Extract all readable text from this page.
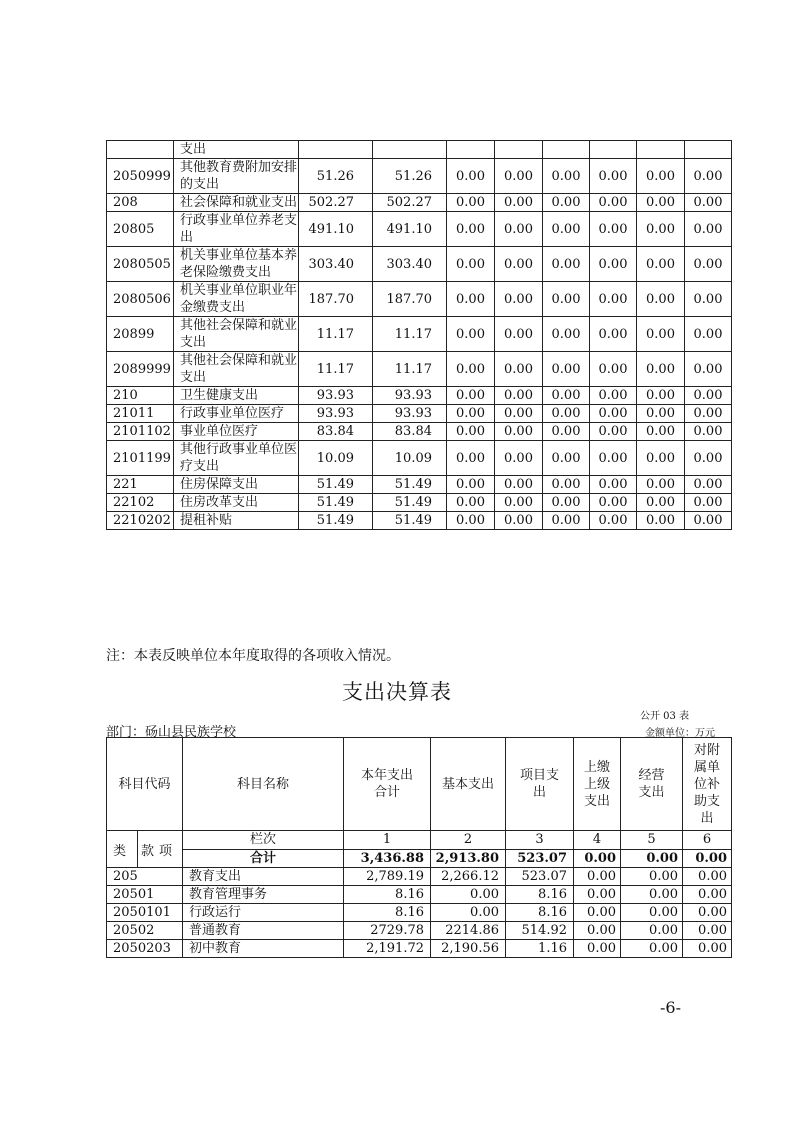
	支出								
2050999	其他教育费附加安排的支出	51.26	51.26	0.00	0.00	0.00	0.00	0.00	0.00
208	社会保障和就业支出	502.27	502.27	0.00	0.00	0.00	0.00	0.00	0.00
20805	行政事业单位养老支出	491.10	491.10	0.00	0.00	0.00	0.00	0.00	0.00
2080505	机关事业单位基本养老保险缴费支出	303.40	303.40	0.00	0.00	0.00	0.00	0.00	0.00
2080506	机关事业单位职业年金缴费支出	187.70	187.70	0.00	0.00	0.00	0.00	0.00	0.00
20899	其他社会保障和就业支出	11.17	11.17	0.00	0.00	0.00	0.00	0.00	0.00
2089999	其他社会保障和就业支出	11.17	11.17	0.00	0.00	0.00	0.00	0.00	0.00
210	卫生健康支出	93.93	93.93	0.00	0.00	0.00	0.00	0.00	0.00
21011	行政事业单位医疗	93.93	93.93	0.00	0.00	0.00	0.00	0.00	0.00
2101102	事业单位医疗	83.84	83.84	0.00	0.00	0.00	0.00	0.00	0.00
2101199	其他行政事业单位医疗支出	10.09	10.09	0.00	0.00	0.00	0.00	0.00	0.00
221	住房保障支出	51.49	51.49	0.00	0.00	0.00	0.00	0.00	0.00
22102	住房改革支出	51.49	51.49	0.00	0.00	0.00	0.00	0.00	0.00
2210202	提租补贴	51.49	51.49	0.00	0.00	0.00	0.00	0.00	0.00
注：本表反映单位本年度取得的各项收入情况。
支出决算表
公开 03 表
部门：砀山县民族学校	金额单位：万元
科目代码	科目名称	本年支出合计	基本支出	项目支出	上缴上级支出	经营支出	对附属单位补助支出

类 款 项	栏次	1	2	3	4	5	6
	合计	3,436.88	2,913.80	523.07	0.00	0.00	0.00
205	教育支出	2,789.19	2,266.12	523.07	0.00	0.00	0.00
20501	教育管理事务	8.16	0.00	8.16	0.00	0.00	0.00
2050101	行政运行	8.16	0.00	8.16	0.00	0.00	0.00
20502	普通教育	2729.78	2214.86	514.92	0.00	0.00	0.00
2050203	初中教育	2,191.72	2,190.56	1.16	0.00	0.00	0.00
-6-
